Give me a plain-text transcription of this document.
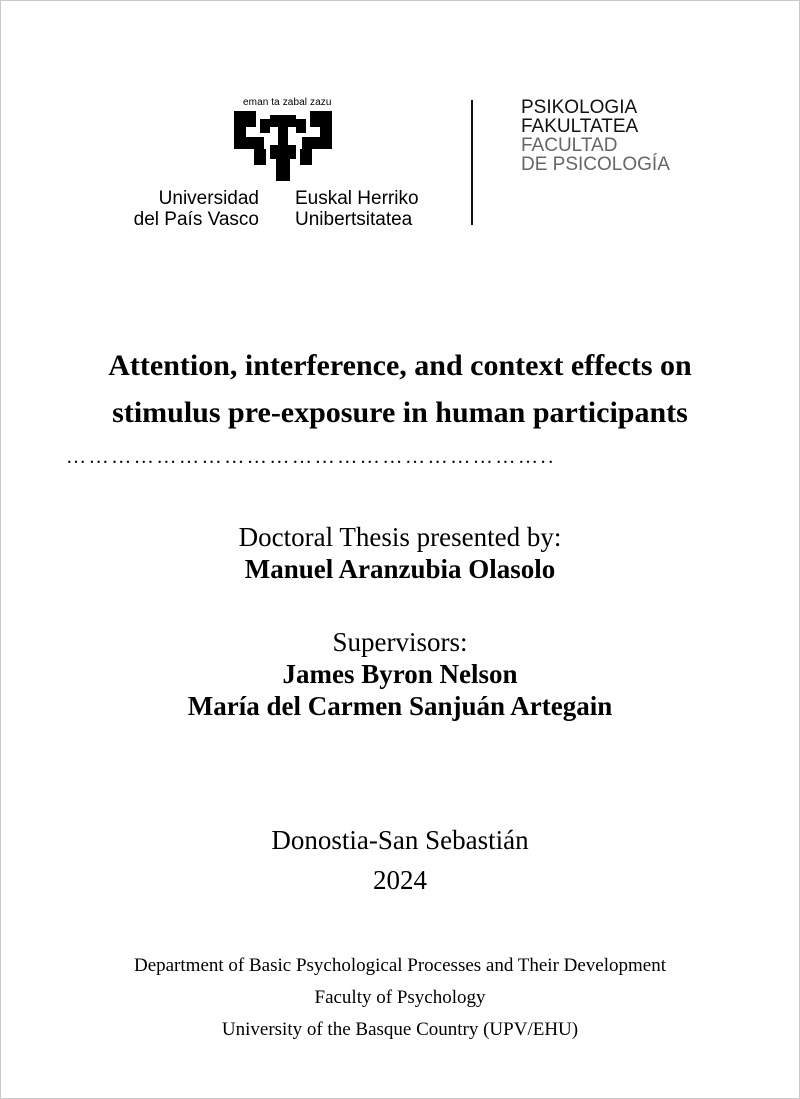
eman ta zabal zazu
Universidad
del País Vasco
Euskal Herriko
Unibertsitatea
PSIKOLOGIA
FAKULTATEA
FACULTAD
DE PSICOLOGÍA
Attention, interference, and context effects on
stimulus pre-exposure in human participants
………………………………………………………..
Doctoral Thesis presented by:
Manuel Aranzubia Olasolo
Supervisors:
James Byron Nelson
María del Carmen Sanjuán Artegain
Donostia-San Sebastián
2024
Department of Basic Psychological Processes and Their Development
Faculty of Psychology
University of the Basque Country (UPV/EHU)
